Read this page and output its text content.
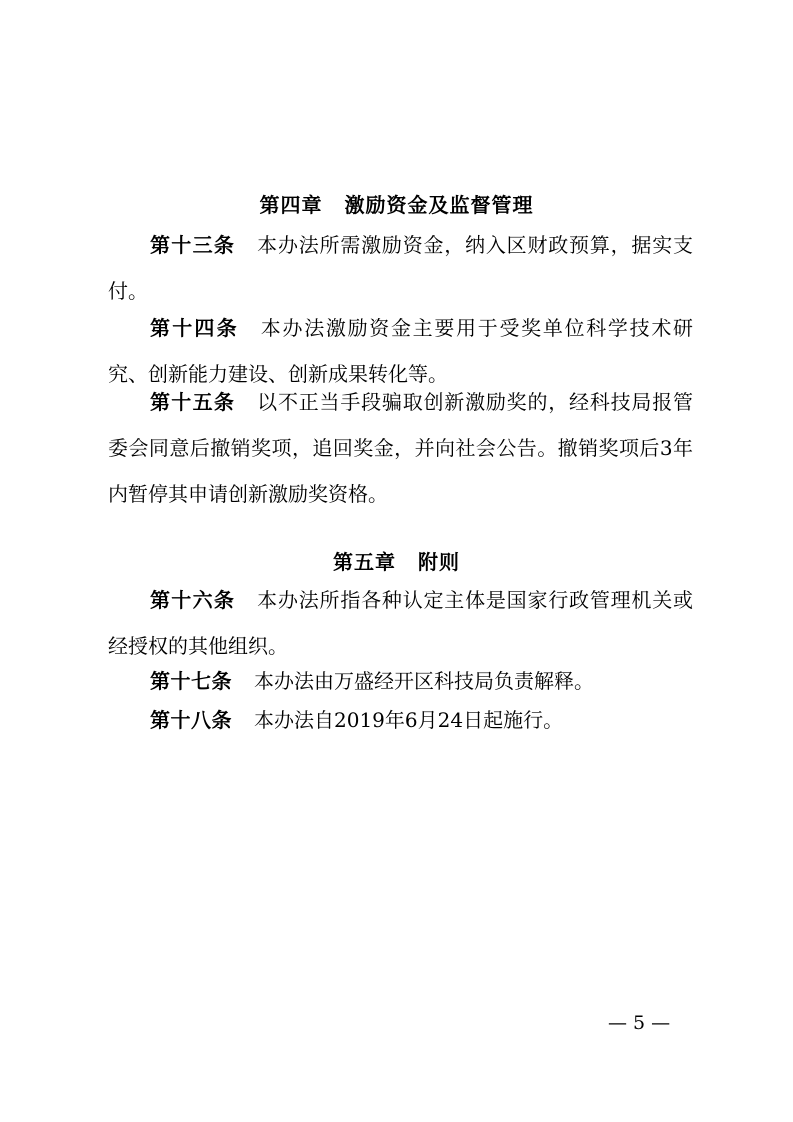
第四章 激励资金及监督管理
第十三条 本办法所需激励资金，纳入区财政预算，据实支付。
第十四条 本办法激励资金主要用于受奖单位科学技术研究、创新能力建设、创新成果转化等。
第十五条 以不正当手段骗取创新激励奖的，经科技局报管委会同意后撤销奖项，追回奖金，并向社会公告。撤销奖项后3年内暂停其申请创新激励奖资格。
第五章 附则
第十六条 本办法所指各种认定主体是国家行政管理机关或经授权的其他组织。
第十七条 本办法由万盛经开区科技局负责解释。
第十八条 本办法自2019年6月24日起施行。
— 5 —
